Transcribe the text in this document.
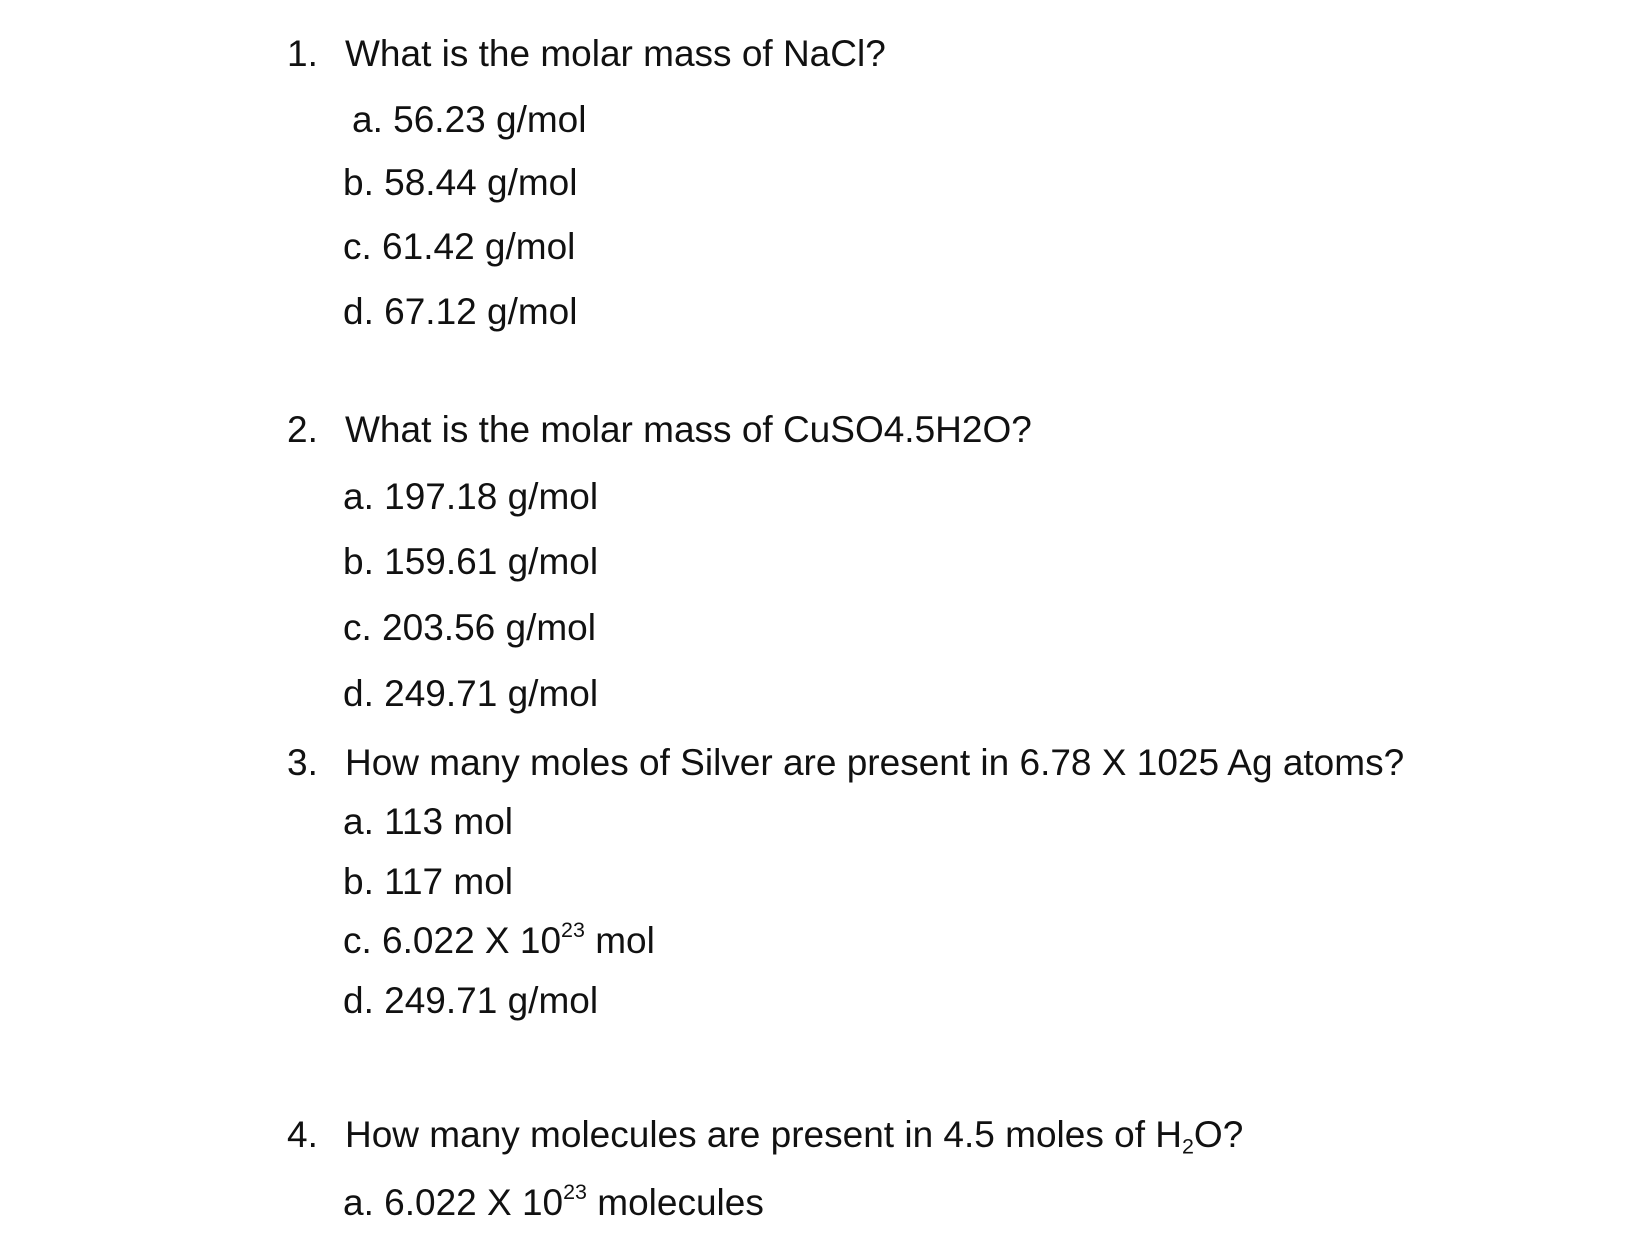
1. What is the molar mass of NaCl?
a. 56.23 g/mol
b. 58.44 g/mol
c. 61.42 g/mol
d. 67.12 g/mol
2. What is the molar mass of CuSO4.5H2O?
a. 197.18 g/mol
b. 159.61 g/mol
c. 203.56 g/mol
d. 249.71 g/mol
3. How many moles of Silver are present in 6.78 X 1025 Ag atoms?
a. 113 mol
b. 117 mol
c. 6.022 X $10^{23}$ mol
d. 249.71 g/mol
4. How many molecules are present in 4.5 moles of $H_2O$?
a. 6.022 X $10^{23}$ molecules
